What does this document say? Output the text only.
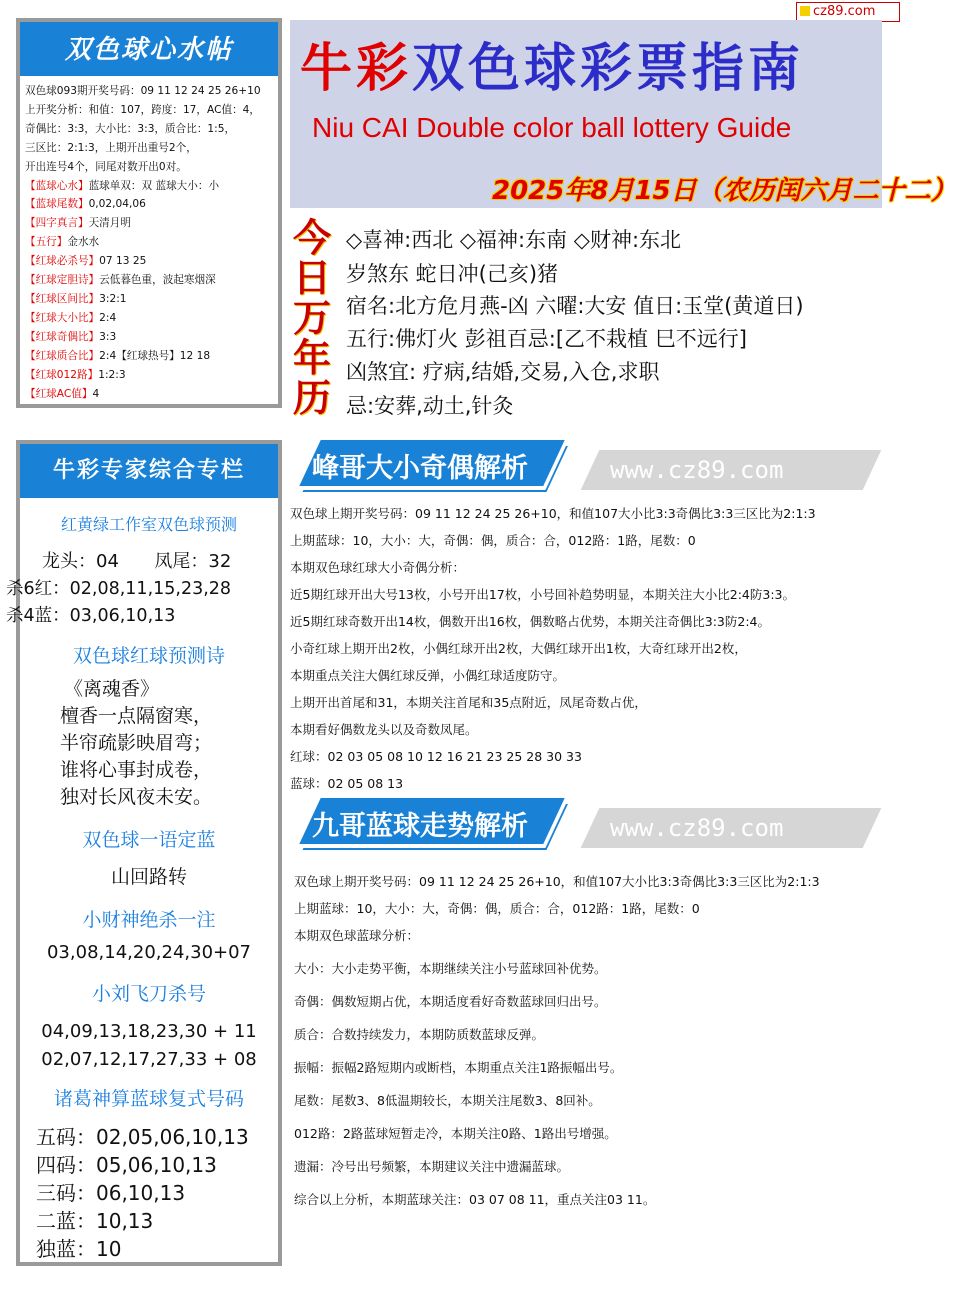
cz89.com
双色球心水帖
双色球093期开奖号码：09 11 12 24 25 26+10
上开奖分析：和值：107，跨度：17，AC值：4，
奇偶比：3:3，大小比：3:3，质合比：1:5，
三区比：2:1:3，上期开出重号2个，
开出连号4个，同尾对数开出0对。
【蓝球心水】蓝球单双：双 蓝球大小：小
【蓝球尾数】0,02,04,06
【四字真言】天清月明
【五行】金水水
【红球必杀号】07 13 25
【红球定胆诗】云低暮色重，波起寒烟深
【红球区间比】3:2:1
【红球大小比】2:4
【红球奇偶比】3:3
【红球质合比】2:4【红球热号】12 18
【红球012路】1:2:3
【红球AC值】4
牛彩专家综合专栏
红黄绿工作室双色球预测
龙头：04 凤尾：32
杀6红：02,08,11,15,23,28
杀4蓝：03,06,10,13
双色球红球预测诗
《离魂香》
檀香一点隔窗寒，
半帘疏影映眉弯；
谁将心事封成卷，
独对长风夜未安。
双色球一语定蓝
山回路转
小财神绝杀一注
03,08,14,20,24,30+07
小刘飞刀杀号
04,09,13,18,23,30 + 11
02,07,12,17,27,33 + 08
诸葛神算蓝球复式号码
五码：02,05,06,10,13
四码：05,06,10,13
三码：06,10,13
二蓝：10,13
独蓝：10
牛彩双色球彩票指南
Niu CAI Double color ball lottery Guide
2025年8月15日（农历闰六月二十二）
今
日
万
年
历
◇喜神:西北 ◇福神:东南 ◇财神:东北
岁煞东 蛇日冲(己亥)猪
宿名:北方危月燕-凶 六曜:大安 值日:玉堂(黄道日)
五行:佛灯火 彭祖百忌:[乙不栽植 巳不远行]
凶煞宜: 疗病,结婚,交易,入仓,求职
忌:安葬,动土,针灸
峰哥大小奇偶解析	www.cz89.com
双色球上期开奖号码：09 11 12 24 25 26+10，和值107大小比3:3奇偶比3:3三区比为2:1:3
上期蓝球：10，大小：大，奇偶：偶，质合：合，012路：1路，尾数：0
本期双色球红球大小奇偶分析：
近5期红球开出大号13枚，小号开出17枚，小号回补趋势明显，本期关注大小比2:4防3:3。
近5期红球奇数开出14枚，偶数开出16枚，偶数略占优势，本期关注奇偶比3:3防2:4。
小奇红球上期开出2枚，小偶红球开出2枚，大偶红球开出1枚，大奇红球开出2枚，
本期重点关注大偶红球反弹，小偶红球适度防守。
上期开出首尾和31，本期关注首尾和35点附近，凤尾奇数占优，
本期看好偶数龙头以及奇数凤尾。
红球：02 03 05 08 10 12 16 21 23 25 28 30 33
蓝球：02 05 08 13
九哥蓝球走势解析	www.cz89.com
双色球上期开奖号码：09 11 12 24 25 26+10，和值107大小比3:3奇偶比3:3三区比为2:1:3
上期蓝球：10，大小：大，奇偶：偶，质合：合，012路：1路，尾数：0
本期双色球蓝球分析：
大小：大小走势平衡，本期继续关注小号蓝球回补优势。
奇偶：偶数短期占优，本期适度看好奇数蓝球回归出号。
质合：合数持续发力，本期防质数蓝球反弹。
振幅：振幅2路短期内或断档，本期重点关注1路振幅出号。
尾数：尾数3、8低温期较长，本期关注尾数3、8回补。
012路：2路蓝球短暂走冷，本期关注0路、1路出号增强。
遗漏：冷号出号频繁，本期建议关注中遗漏蓝球。
综合以上分析，本期蓝球关注：03 07 08 11，重点关注03 11。
